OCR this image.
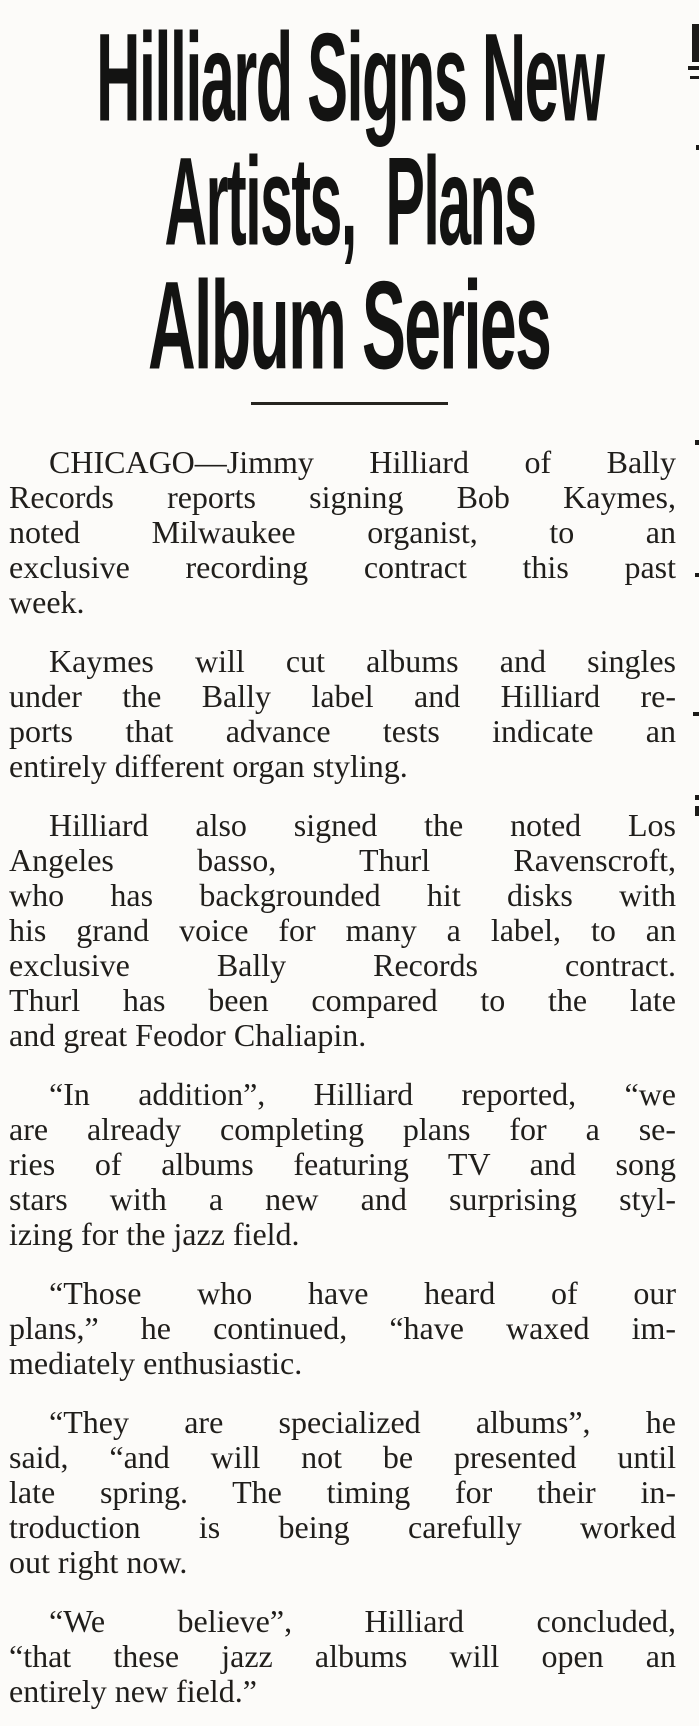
Hilliard Signs New
Artists,  Plans
Album Series

CHICAGO—Jimmy Hilliard of Bally
Records reports signing Bob Kaymes,
noted Milwaukee organist, to an
exclusive recording contract this past
week.

Kaymes will cut albums and singles
under the Bally label and Hilliard re-
ports that advance tests indicate an
entirely different organ styling.

Hilliard also signed the noted Los
Angeles basso, Thurl Ravenscroft,
who has backgrounded hit disks with
his grand voice for many a label, to an
exclusive Bally Records contract.
Thurl has been compared to the late
and great Feodor Chaliapin.

“In addition”, Hilliard reported, “we
are already completing plans for a se-
ries of albums featuring TV and song
stars with a new and surprising styl-
izing for the jazz field.

“Those who have heard of our
plans,” he continued, “have waxed im-
mediately enthusiastic.

“They are specialized albums”, he
said, “and will not be presented until
late spring. The timing for their in-
troduction is being carefully worked
out right now.

“We believe”, Hilliard concluded,
“that these jazz albums will open an
entirely new field.”
